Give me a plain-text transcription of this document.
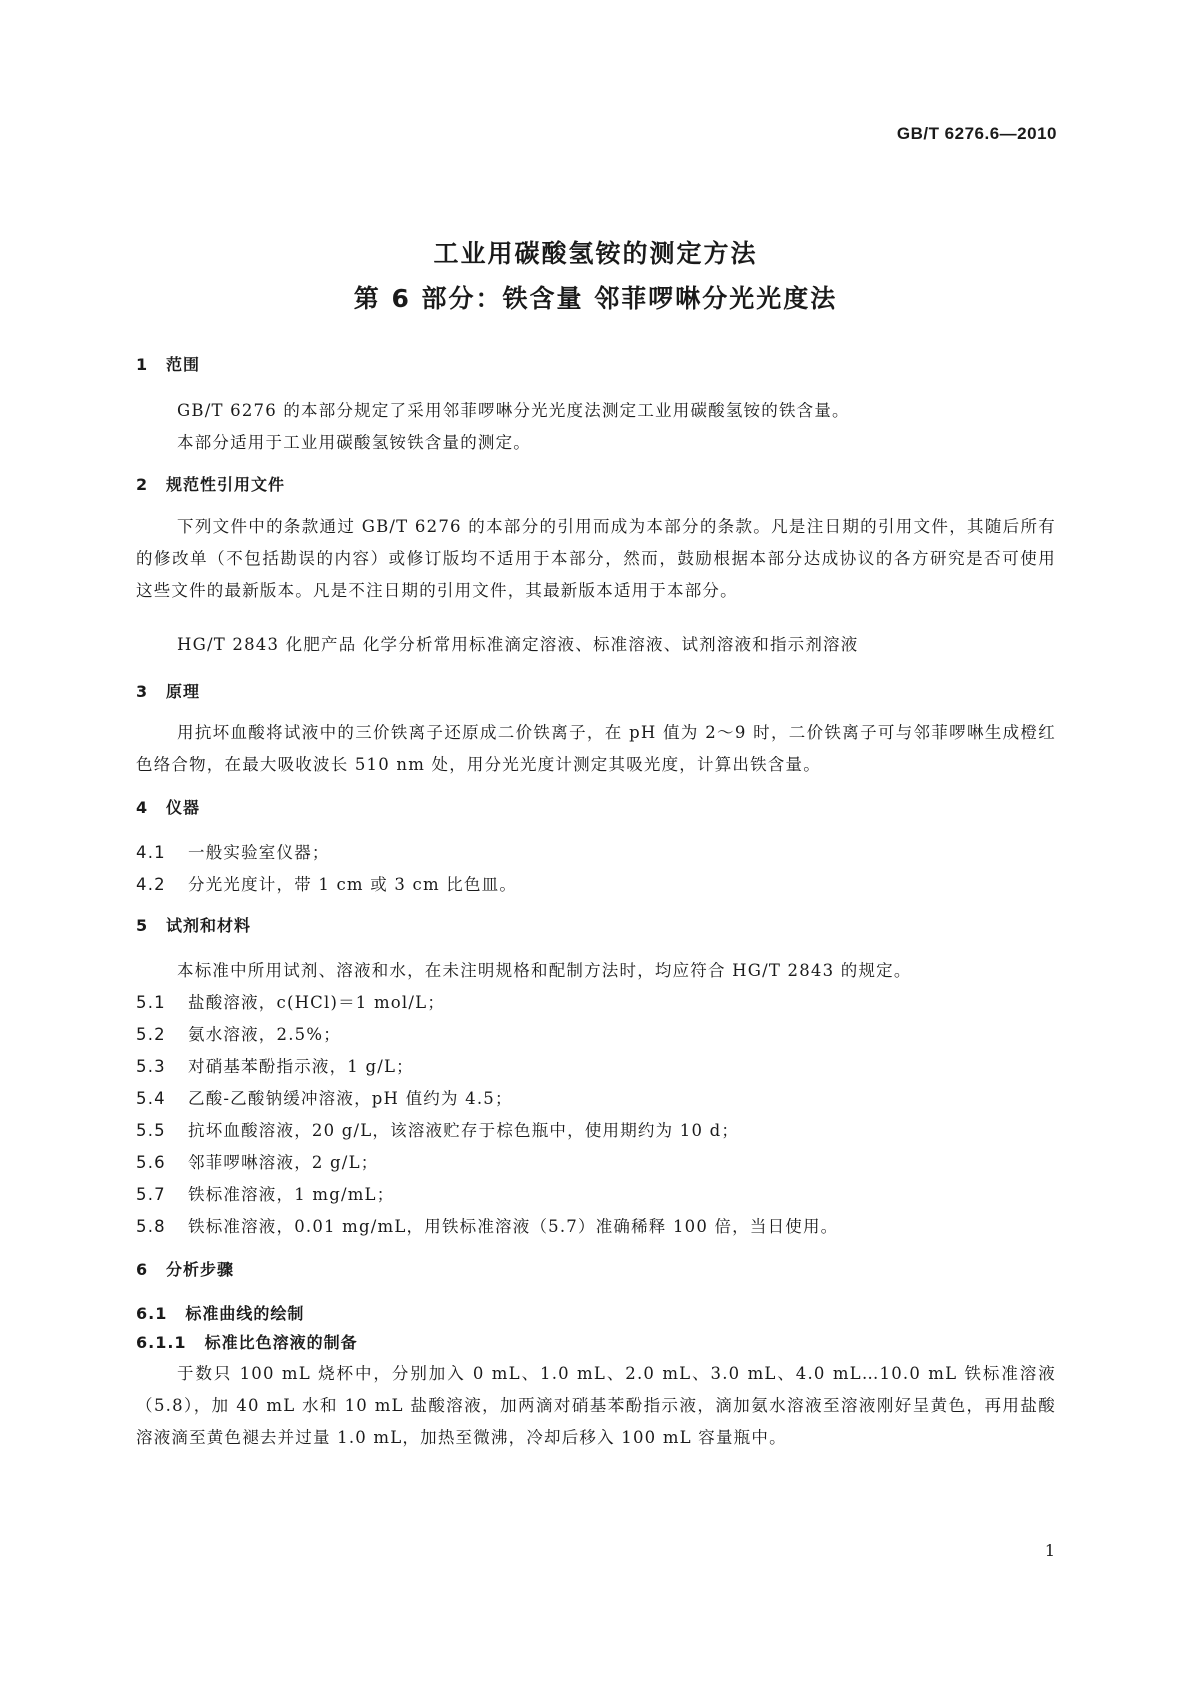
GB/T 6276.6—2010
工业用碳酸氢铵的测定方法
第 6 部分：铁含量 邻菲啰啉分光光度法
1 范围
GB/T 6276 的本部分规定了采用邻菲啰啉分光光度法测定工业用碳酸氢铵的铁含量。
本部分适用于工业用碳酸氢铵铁含量的测定。
2 规范性引用文件
下列文件中的条款通过 GB/T 6276 的本部分的引用而成为本部分的条款。凡是注日期的引用文件，其随后所有的修改单（不包括勘误的内容）或修订版均不适用于本部分，然而，鼓励根据本部分达成协议的各方研究是否可使用这些文件的最新版本。凡是不注日期的引用文件，其最新版本适用于本部分。
HG/T 2843 化肥产品 化学分析常用标准滴定溶液、标准溶液、试剂溶液和指示剂溶液
3 原理
用抗坏血酸将试液中的三价铁离子还原成二价铁离子，在 pH 值为 2～9 时，二价铁离子可与邻菲啰啉生成橙红色络合物，在最大吸收波长 510 nm 处，用分光光度计测定其吸光度，计算出铁含量。
4 仪器
4.1 一般实验室仪器；
4.2 分光光度计，带 1 cm 或 3 cm 比色皿。
5 试剂和材料
本标准中所用试剂、溶液和水，在未注明规格和配制方法时，均应符合 HG/T 2843 的规定。
5.1 盐酸溶液，c(HCl)＝1 mol/L；
5.2 氨水溶液，2.5%；
5.3 对硝基苯酚指示液，1 g/L；
5.4 乙酸-乙酸钠缓冲溶液，pH 值约为 4.5；
5.5 抗坏血酸溶液，20 g/L，该溶液贮存于棕色瓶中，使用期约为 10 d；
5.6 邻菲啰啉溶液，2 g/L；
5.7 铁标准溶液，1 mg/mL；
5.8 铁标准溶液，0.01 mg/mL，用铁标准溶液（5.7）准确稀释 100 倍，当日使用。
6 分析步骤
6.1 标准曲线的绘制
6.1.1 标准比色溶液的制备
于数只 100 mL 烧杯中，分别加入 0 mL、1.0 mL、2.0 mL、3.0 mL、4.0 mL…10.0 mL 铁标准溶液（5.8），加 40 mL 水和 10 mL 盐酸溶液，加两滴对硝基苯酚指示液，滴加氨水溶液至溶液刚好呈黄色，再用盐酸溶液滴至黄色褪去并过量 1.0 mL，加热至微沸，冷却后移入 100 mL 容量瓶中。
1
